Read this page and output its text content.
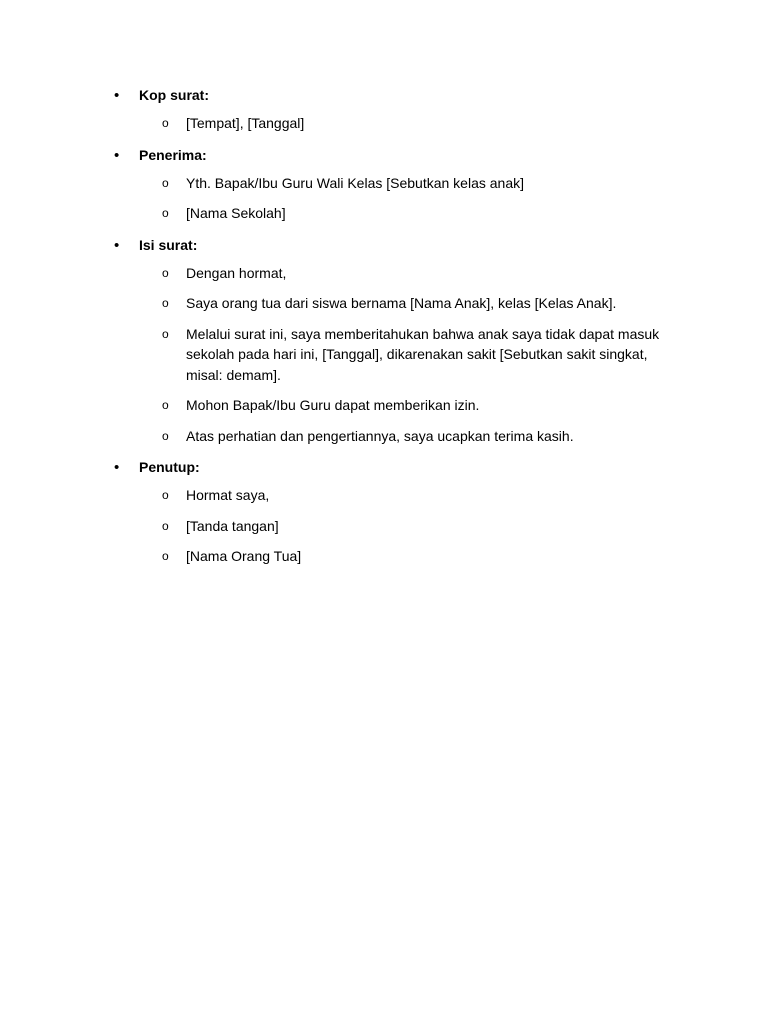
• Kop surat:
o [Tempat], [Tanggal]
• Penerima:
o Yth. Bapak/Ibu Guru Wali Kelas [Sebutkan kelas anak]
o [Nama Sekolah]
• Isi surat:
o Dengan hormat,
o Saya orang tua dari siswa bernama [Nama Anak], kelas [Kelas Anak].
o Melalui surat ini, saya memberitahukan bahwa anak saya tidak dapat masuk sekolah pada hari ini, [Tanggal], dikarenakan sakit [Sebutkan sakit singkat, misal: demam].
o Mohon Bapak/Ibu Guru dapat memberikan izin.
o Atas perhatian dan pengertiannya, saya ucapkan terima kasih.
• Penutup:
o Hormat saya,
o [Tanda tangan]
o [Nama Orang Tua]
